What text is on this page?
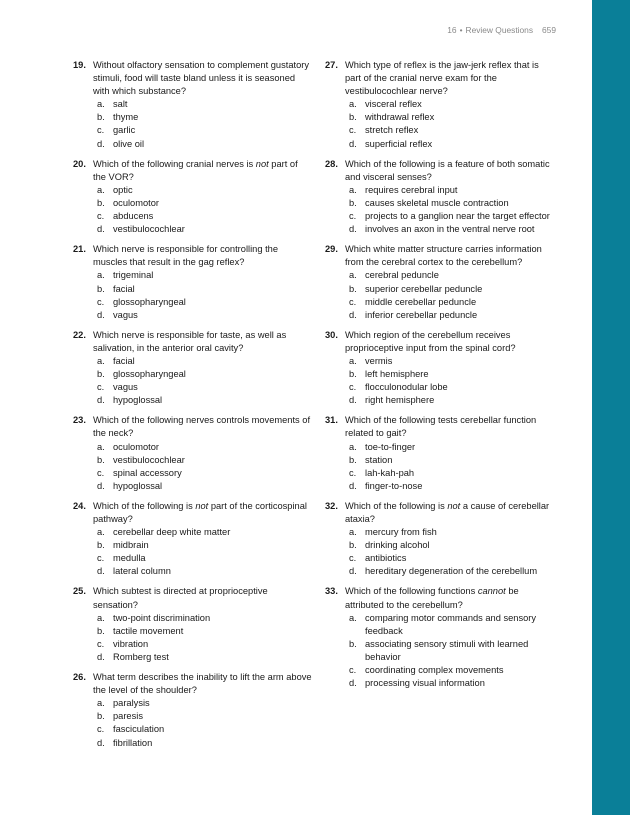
16 • Review Questions 659
19. Without olfactory sensation to complement gustatory stimuli, food will taste bland unless it is seasoned with which substance?
a. salt
b. thyme
c. garlic
d. olive oil
20. Which of the following cranial nerves is not part of the VOR?
a. optic
b. oculomotor
c. abducens
d. vestibulocochlear
21. Which nerve is responsible for controlling the muscles that result in the gag reflex?
a. trigeminal
b. facial
c. glossopharyngeal
d. vagus
22. Which nerve is responsible for taste, as well as salivation, in the anterior oral cavity?
a. facial
b. glossopharyngeal
c. vagus
d. hypoglossal
23. Which of the following nerves controls movements of the neck?
a. oculomotor
b. vestibulocochlear
c. spinal accessory
d. hypoglossal
24. Which of the following is not part of the corticospinal pathway?
a. cerebellar deep white matter
b. midbrain
c. medulla
d. lateral column
25. Which subtest is directed at proprioceptive sensation?
a. two-point discrimination
b. tactile movement
c. vibration
d. Romberg test
26. What term describes the inability to lift the arm above the level of the shoulder?
a. paralysis
b. paresis
c. fasciculation
d. fibrillation
27. Which type of reflex is the jaw-jerk reflex that is part of the cranial nerve exam for the vestibulocochlear nerve?
a. visceral reflex
b. withdrawal reflex
c. stretch reflex
d. superficial reflex
28. Which of the following is a feature of both somatic and visceral senses?
a. requires cerebral input
b. causes skeletal muscle contraction
c. projects to a ganglion near the target effector
d. involves an axon in the ventral nerve root
29. Which white matter structure carries information from the cerebral cortex to the cerebellum?
a. cerebral peduncle
b. superior cerebellar peduncle
c. middle cerebellar peduncle
d. inferior cerebellar peduncle
30. Which region of the cerebellum receives proprioceptive input from the spinal cord?
a. vermis
b. left hemisphere
c. flocculonodular lobe
d. right hemisphere
31. Which of the following tests cerebellar function related to gait?
a. toe-to-finger
b. station
c. lah-kah-pah
d. finger-to-nose
32. Which of the following is not a cause of cerebellar ataxia?
a. mercury from fish
b. drinking alcohol
c. antibiotics
d. hereditary degeneration of the cerebellum
33. Which of the following functions cannot be attributed to the cerebellum?
a. comparing motor commands and sensory feedback
b. associating sensory stimuli with learned behavior
c. coordinating complex movements
d. processing visual information
